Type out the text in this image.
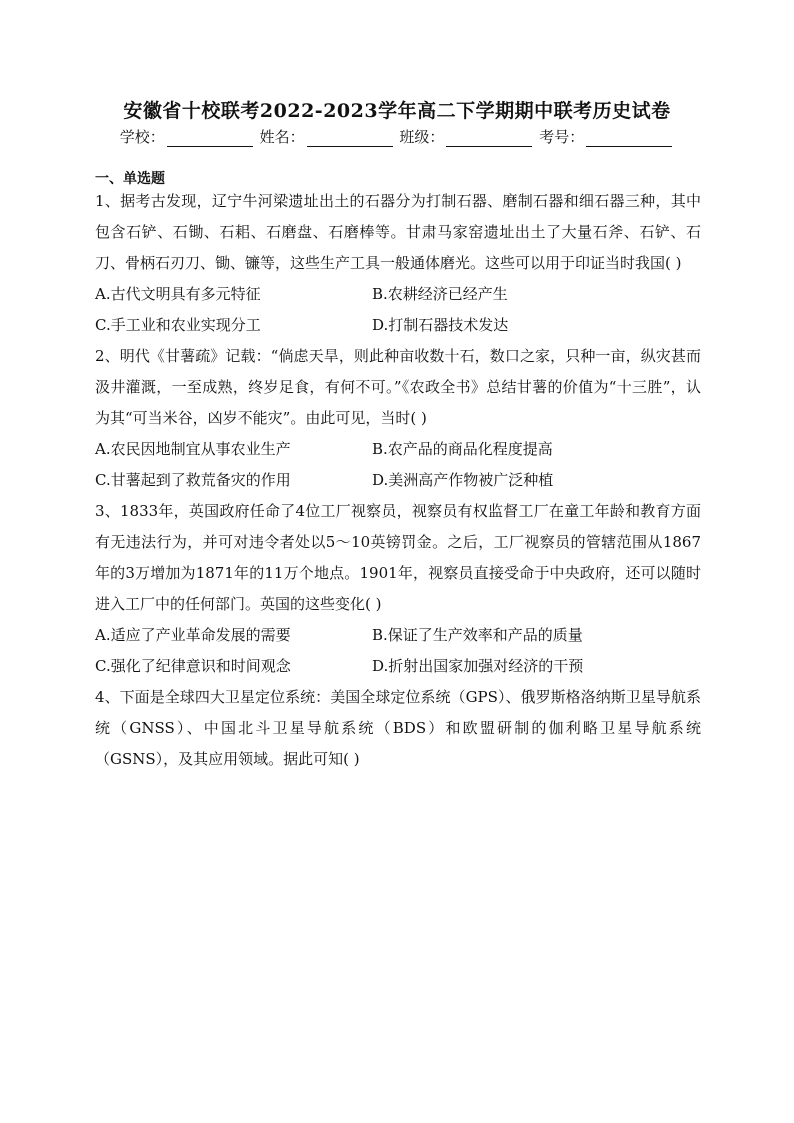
安徽省十校联考2022-2023学年高二下学期期中联考历史试卷
学校：	姓名：	班级：	考号：
一、单选题
1、据考古发现，辽宁牛河梁遗址出土的石器分为打制石器、磨制石器和细石器三种，其中包含石铲、石锄、石耜、石磨盘、石磨棒等。甘肃马家窑遗址出土了大量石斧、石铲、石刀、骨柄石刃刀、锄、镰等，这些生产工具一般通体磨光。这些可以用于印证当时我国( )
A.古代文明具有多元特征	B.农耕经济已经产生
C.手工业和农业实现分工	D.打制石器技术发达
2、明代《甘薯疏》记载：“倘虑天旱，则此种亩收数十石，数口之家，只种一亩，纵灾甚而汲井灌溉，一至成熟，终岁足食，有何不可。”《农政全书》总结甘薯的价值为“十三胜”，认为其“可当米谷，凶岁不能灾”。由此可见，当时( )
A.农民因地制宜从事农业生产	B.农产品的商品化程度提高
C.甘薯起到了救荒备灾的作用	D.美洲高产作物被广泛种植
3、1833年，英国政府任命了4位工厂视察员，视察员有权监督工厂在童工年龄和教育方面有无违法行为，并可对违令者处以5～10英镑罚金。之后，工厂视察员的管辖范围从1867年的3万增加为1871年的11万个地点。1901年，视察员直接受命于中央政府，还可以随时进入工厂中的任何部门。英国的这些变化( )
A.适应了产业革命发展的需要	B.保证了生产效率和产品的质量
C.强化了纪律意识和时间观念	D.折射出国家加强对经济的干预
4、下面是全球四大卫星定位系统：美国全球定位系统（GPS）、俄罗斯格洛纳斯卫星导航系统（GNSS）、中国北斗卫星导航系统（BDS）和欧盟研制的伽利略卫星导航系统（GSNS），及其应用领域。据此可知( )
